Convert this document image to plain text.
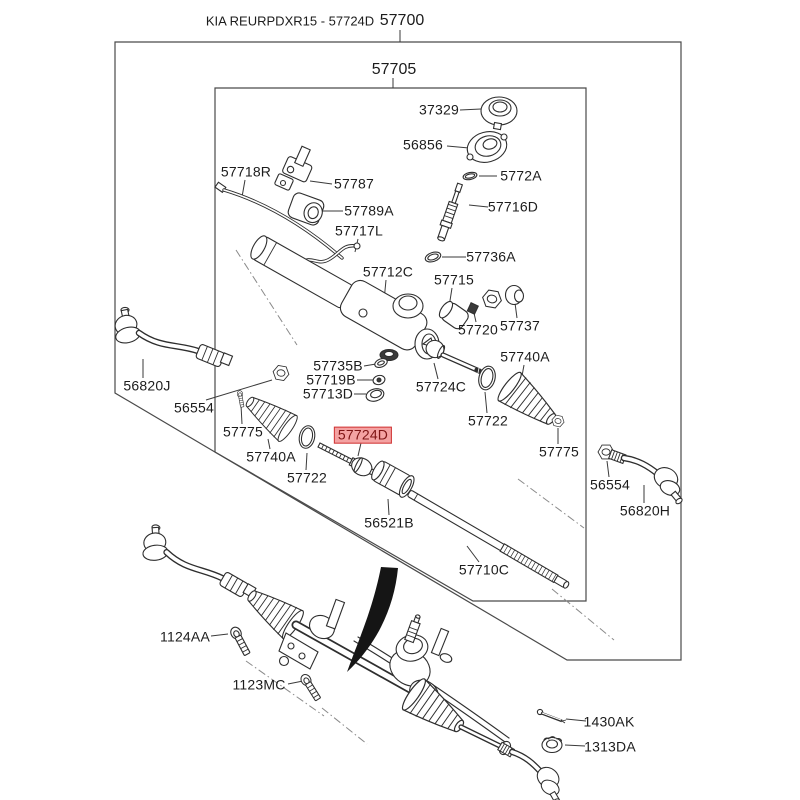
KIA REURPDXR15 - 57724D 57700
57705
37329
56856
5772A
57716D
57718R
57787
57789A
57717L
57712C
57736A
57715
57720 57737
57735B
57719B
57713D	57724C
57740A
57722
57775
56820J
56554
57775
57740A
57724D
57722
56521B
57710C
56554
56820H
1124AA
1123MC
1430AK
1313DA
